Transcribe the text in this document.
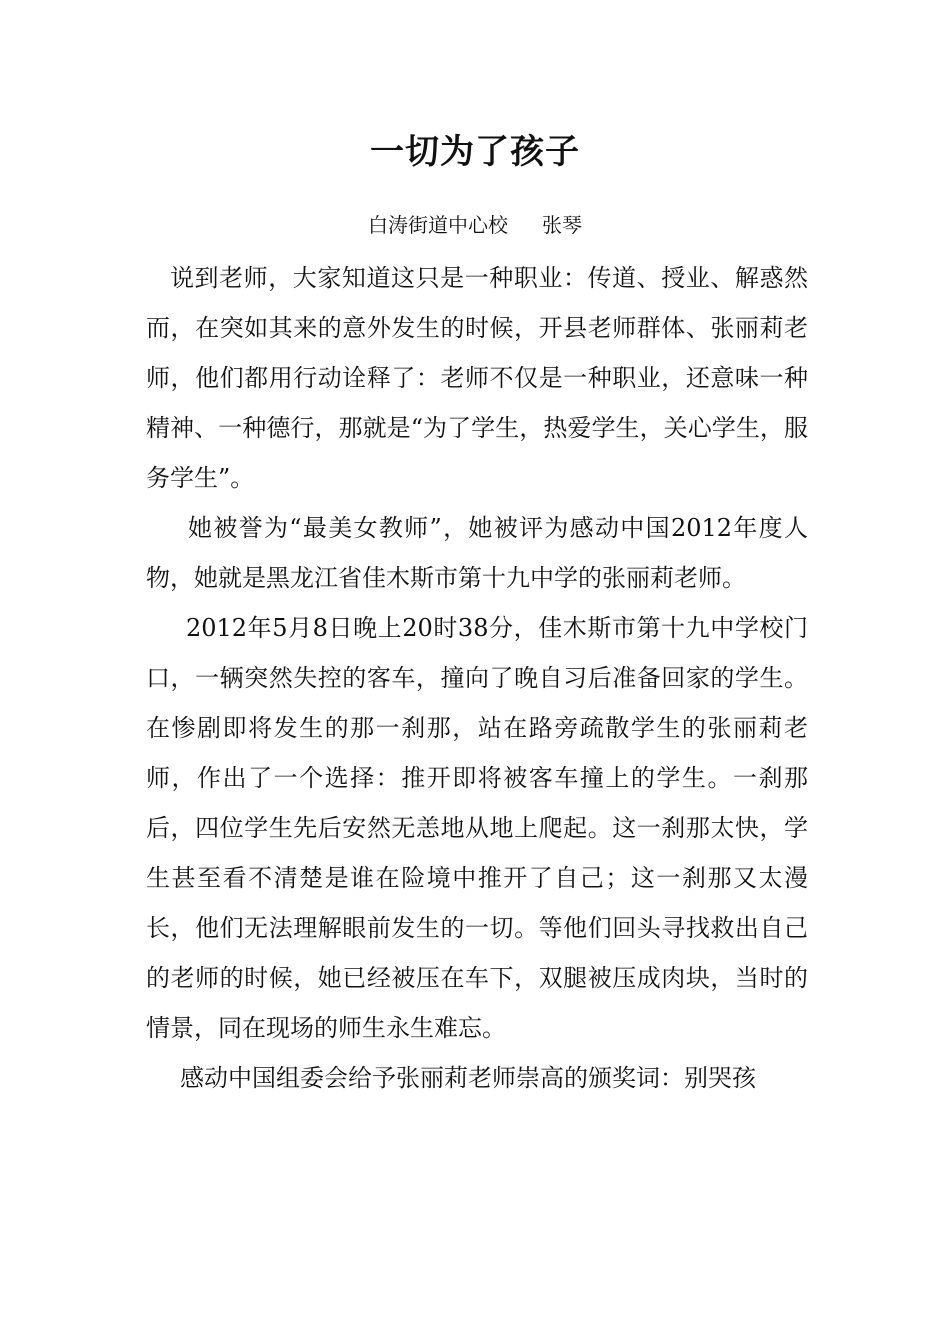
一切为了孩子
白涛街道中心校 张琴

说到老师，大家知道这只是一种职业：传道、授业、解惑然而，在突如其来的意外发生的时候，开县老师群体、张丽莉老师，他们都用行动诠释了：老师不仅是一种职业，还意味一种精神、一种德行，那就是“为了学生，热爱学生，关心学生，服务学生”。

她被誉为“最美女教师”，她被评为感动中国2012年度人物，她就是黑龙江省佳木斯市第十九中学的张丽莉老师。

2012年5月8日晚上20时38分，佳木斯市第十九中学校门口，一辆突然失控的客车，撞向了晚自习后准备回家的学生。在惨剧即将发生的那一刹那，站在路旁疏散学生的张丽莉老师，作出了一个选择：推开即将被客车撞上的学生。一刹那后，四位学生先后安然无恙地从地上爬起。这一刹那太快，学生甚至看不清楚是谁在险境中推开了自己；这一刹那又太漫长，他们无法理解眼前发生的一切。等他们回头寻找救出自己的老师的时候，她已经被压在车下，双腿被压成肉块，当时的情景，同在现场的师生永生难忘。

感动中国组委会给予张丽莉老师崇高的颁奖词：别哭孩
